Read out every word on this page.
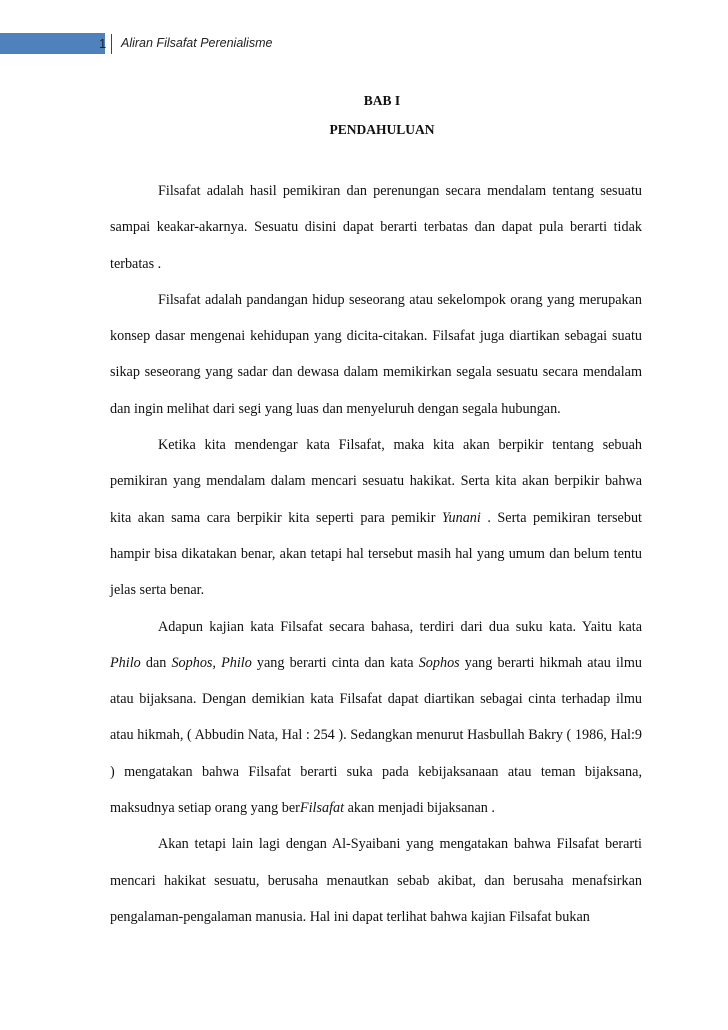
1 Aliran Filsafat Perenialisme
BAB I
PENDAHULUAN

Filsafat adalah hasil pemikiran dan perenungan secara mendalam tentang sesuatu sampai keakar-akarnya. Sesuatu disini dapat berarti terbatas dan dapat pula berarti tidak terbatas .

Filsafat adalah pandangan hidup seseorang atau sekelompok orang yang merupakan konsep dasar mengenai kehidupan yang dicita-citakan. Filsafat juga diartikan sebagai suatu sikap seseorang yang sadar dan dewasa dalam memikirkan segala sesuatu secara mendalam dan ingin melihat dari segi yang luas dan menyeluruh dengan segala hubungan.

Ketika kita mendengar kata Filsafat, maka kita akan berpikir tentang sebuah pemikiran yang mendalam dalam mencari sesuatu hakikat. Serta kita akan berpikir bahwa kita akan sama cara berpikir kita seperti para pemikir Yunani . Serta pemikiran tersebut hampir bisa dikatakan benar, akan tetapi hal tersebut masih hal yang umum dan belum tentu jelas serta benar.

Adapun kajian kata Filsafat secara bahasa, terdiri dari dua suku kata. Yaitu kata Philo dan Sophos, Philo yang berarti cinta dan kata Sophos yang berarti hikmah atau ilmu atau bijaksana. Dengan demikian kata Filsafat dapat diartikan sebagai cinta terhadap ilmu atau hikmah, ( Abbudin Nata, Hal : 254 ). Sedangkan menurut Hasbullah Bakry ( 1986, Hal:9 ) mengatakan bahwa Filsafat berarti suka pada kebijaksanaan atau teman bijaksana, maksudnya setiap orang yang berFilsafat akan menjadi bijaksanan .

Akan tetapi lain lagi dengan Al-Syaibani yang mengatakan bahwa Filsafat berarti mencari hakikat sesuatu, berusaha menautkan sebab akibat, dan berusaha menafsirkan pengalaman-pengalaman manusia. Hal ini dapat terlihat bahwa kajian Filsafat bukan
